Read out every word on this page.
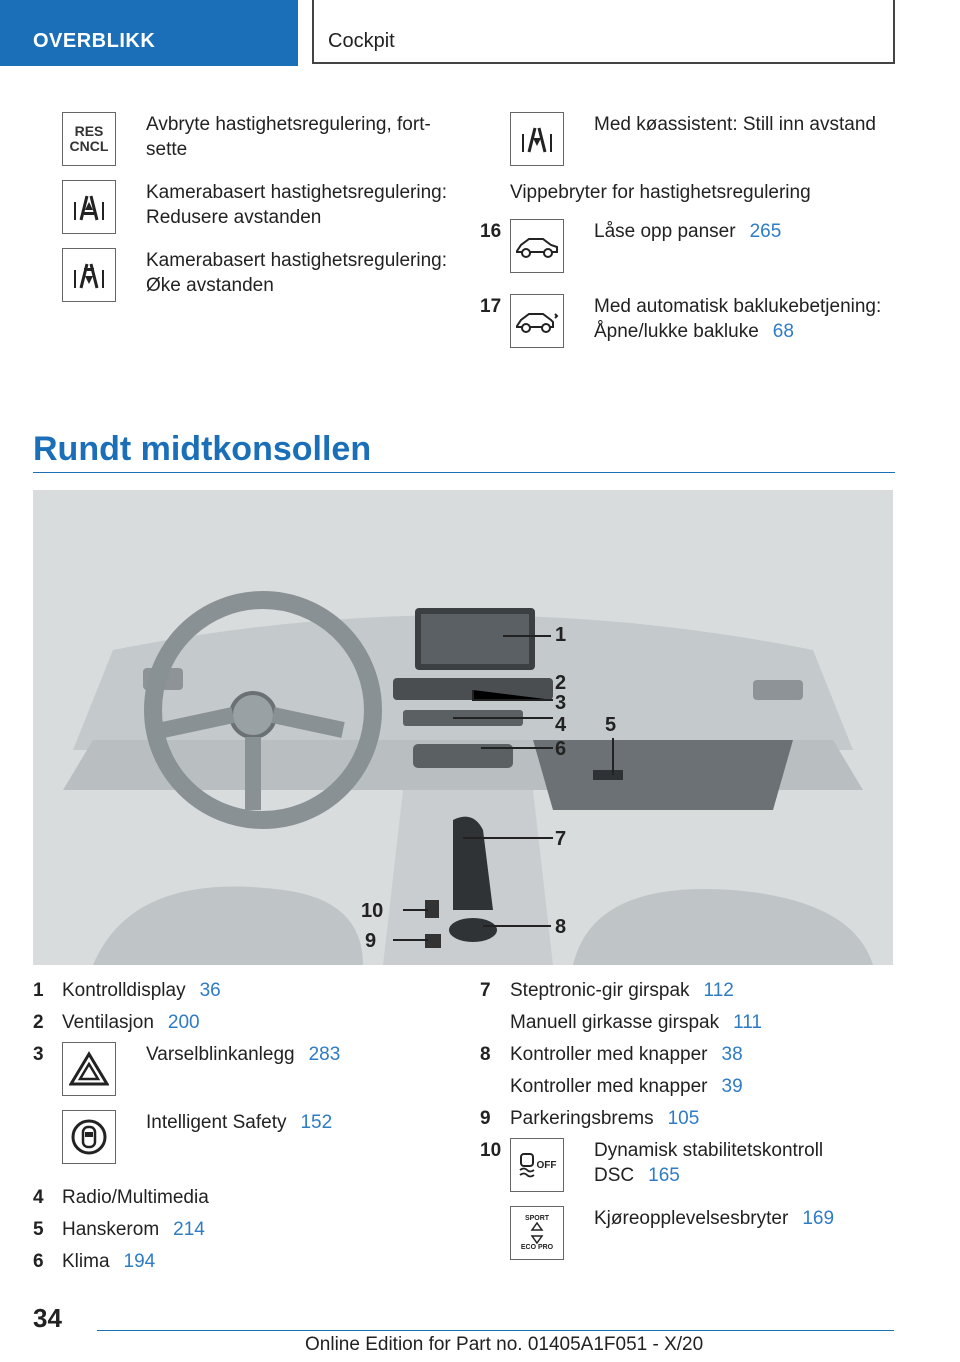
OVERBLIKK	Cockpit
RES
CNCL
Avbryte hastighetsregulering, fort-
sette
Kamerabasert hastighetsregulering:
Redusere avstanden
Kamerabasert hastighetsregulering:
Øke avstanden
Med køassistent: Still inn avstand
Vippebryter for hastighetsregulering
16	Låse opp panser 265
17	Med automatisk baklukebetjening:
Åpne/lukke bakluke 68
Rundt midtkonsollen
1
2
3
4 5
6
7
8
9
10
1 Kontrolldisplay 36
2 Ventilasjon 200
3	Varselblinkanlegg 283
Intelligent Safety 152
4 Radio/Multimedia
5 Hanskerom 214
6 Klima 194
7 Steptronic-gir girspak 112
Manuell girkasse girspak 111
8 Kontroller med knapper 38
Kontroller med knapper 39
9 Parkeringsbrems 105
10
OFF
Dynamisk stabilitetskontroll
DSC 165
SPORT
ECO PRO
Kjøreopplevelsesbryter 169
34
Online Edition for Part no. 01405A1F051 - X/20
